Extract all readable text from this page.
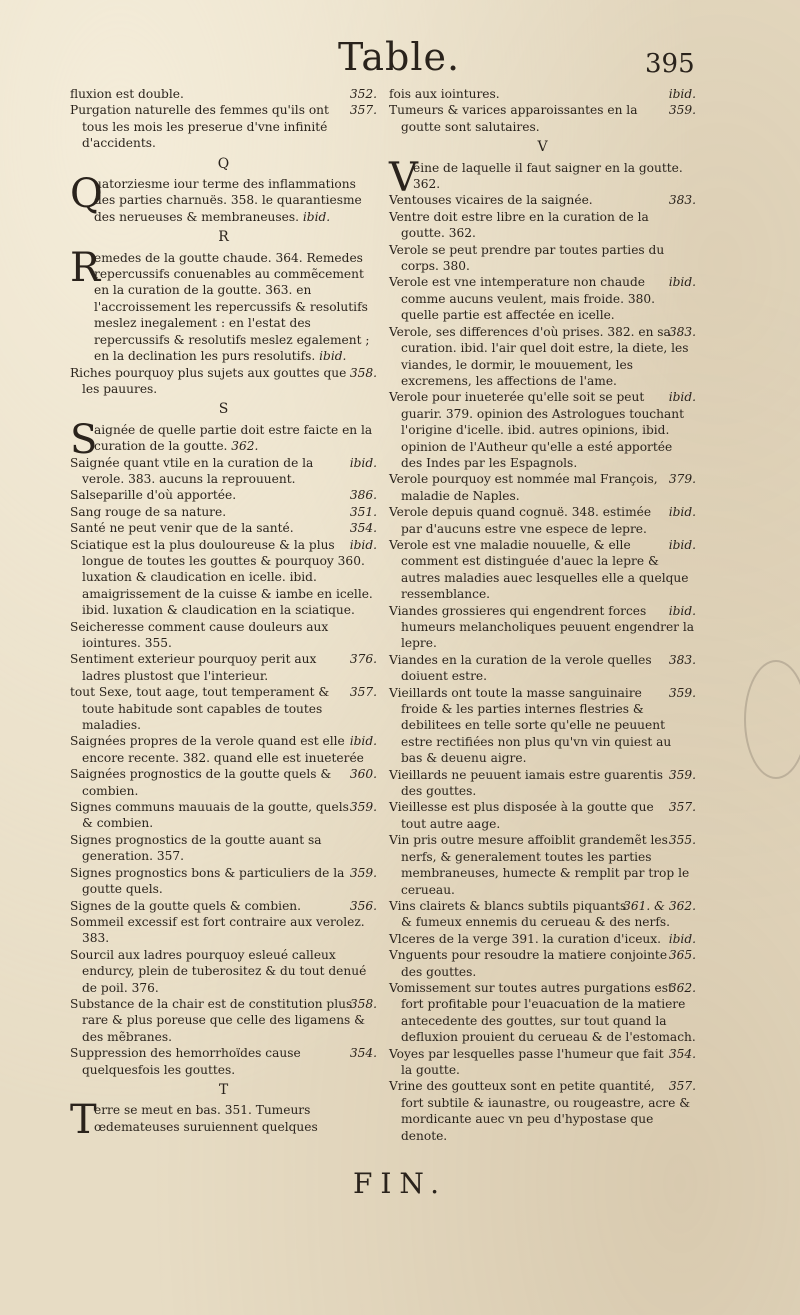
Table.	395
352.
fluxion est double.
357.
Purgation naturelle des femmes qu'ils ont tous les mois les preserue d'vne infinité d'accidents.
Q
Q
uatorziesme iour terme des inflammations des parties charnuës. 358. le quarantiesme des nerueuses & membraneuses. ibid.
R
R
emedes de la goutte chaude. 364. Remedes repercussifs conuenables au commẽcement en la curation de la goutte. 363. en l'accroissement les repercussifs & resolutifs meslez inegalement : en l'estat des repercussifs & resolutifs meslez egalement ; en la declination les purs resolutifs. ibid.
358.
Riches pourquoy plus sujets aux gouttes que les pauures.
S
S
aignée de quelle partie doit estre faicte en la curation de la goutte. 362.
ibid.
Saignée quant vtile en la curation de la verole. 383. aucuns la reprouuent.
386.
Salseparille d'où apportée.
351.
Sang rouge de sa nature.
354.
Santé ne peut venir que de la santé.
ibid.
Sciatique est la plus douloureuse & la plus longue de toutes les gouttes & pourquoy 360. luxation & claudication en icelle. ibid. amaigrissement de la cuisse & iambe en icelle. ibid. luxation & claudication en la sciatique.
Seicheresse comment cause douleurs aux iointures. 355.
376.
Sentiment exterieur pourquoy perit aux ladres plustost que l'interieur.
357.
tout Sexe, tout aage, tout temperament & toute habitude sont capables de toutes maladies.
ibid.
Saignées propres de la verole quand est elle encore recente. 382. quand elle est inueterée
360.
Saignées prognostics de la goutte quels & combien.
359.
Signes communs mauuais de la goutte, quels & combien.
Signes prognostics de la goutte auant sa generation. 357.
359.
Signes prognostics bons & particuliers de la goutte quels.
356.
Signes de la goutte quels & combien.
Sommeil excessif est fort contraire aux verolez. 383.
Sourcil aux ladres pourquoy esleué calleux endurcy, plein de tuberositez & du tout denué de poil. 376.
358.
Substance de la chair est de constitution plus rare & plus poreuse que celle des ligamens & des mẽbranes.
354.
Suppression des hemorrhoïdes cause quelquesfois les gouttes.
T
T
erre se meut en bas. 351. Tumeurs œdemateuses suruiennent quelques
ibid.
fois aux iointures.
359.
Tumeurs & varices apparoissantes en la goutte sont salutaires.
V
V
eine de laquelle il faut saigner en la goutte. 362.
383.
Ventouses vicaires de la saignée.
Ventre doit estre libre en la curation de la goutte. 362.
Verole se peut prendre par toutes parties du corps. 380.
ibid.
Verole est vne intemperature non chaude comme aucuns veulent, mais froide. 380. quelle partie est affectée en icelle.
383.
Verole, ses differences d'où prises. 382. en sa curation. ibid. l'air quel doit estre, la diete, les viandes, le dormir, le mouuement, les excremens, les affections de l'ame.
ibid.
Verole pour inueterée qu'elle soit se peut guarir. 379. opinion des Astrologues touchant l'origine d'icelle. ibid. autres opinions, ibid. opinion de l'Autheur qu'elle a esté apportée des Indes par les Espagnols.
379.
Verole pourquoy est nommée mal François, maladie de Naples.
ibid.
Verole depuis quand cognuë. 348. estimée par d'aucuns estre vne espece de lepre.
ibid.
Verole est vne maladie nouuelle, & elle comment est distinguée d'auec la lepre & autres maladies auec lesquelles elle a quelque ressemblance.
ibid.
Viandes grossieres qui engendrent forces humeurs melancholiques peuuent engendrer la lepre.
383.
Viandes en la curation de la verole quelles doiuent estre.
359.
Vieillards ont toute la masse sanguinaire froide & les parties internes flestries & debilitees en telle sorte qu'elle ne peuuent estre rectifiées non plus qu'vn vin quiest au bas & deuenu aigre.
359.
Vieillards ne peuuent iamais estre guarentis des gouttes.
357.
Vieillesse est plus disposée à la goutte que tout autre aage.
355.
Vin pris outre mesure affoiblit grandemẽt les nerfs, & generalement toutes les parties membraneuses, humecte & remplit par trop le cerueau.
361. & 362.
Vins clairets & blancs subtils piquants & fumeux ennemis du cerueau & des nerfs.
ibid.
Vlceres de la verge 391. la curation d'iceux.
365.
Vnguents pour resoudre la matiere conjointe des gouttes.
362.
Vomissement sur toutes autres purgations est fort profitable pour l'euacuation de la matiere antecedente des gouttes, sur tout quand la defluxion prouient du cerueau & de l'estomach.
354.
Voyes par lesquelles passe l'humeur que fait la goutte.
357.
Vrine des goutteux sont en petite quantité, fort subtile & iaunastre, ou rougeastre, acre & mordicante auec vn peu d'hypostase que denote.
FIN.
